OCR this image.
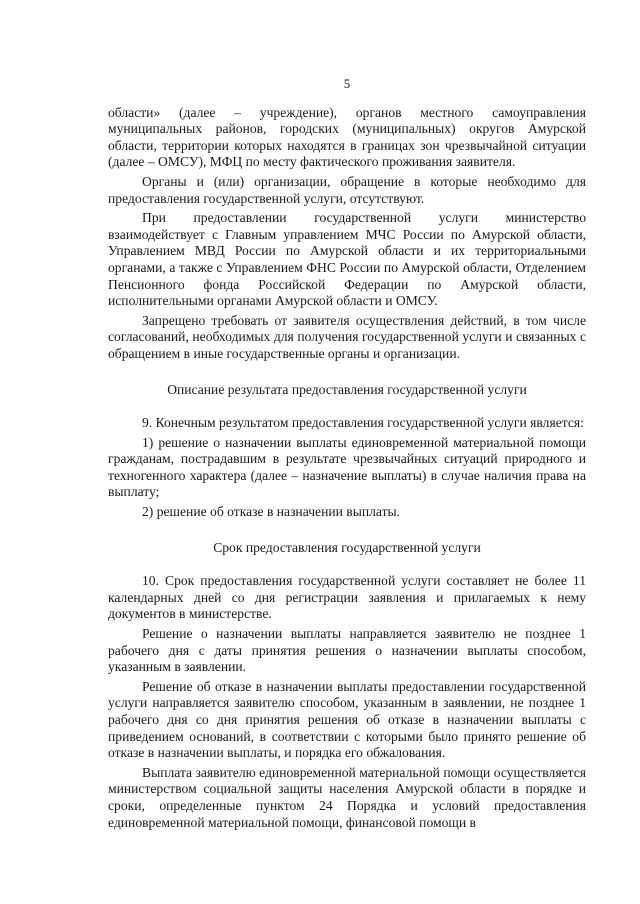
5

области» (далее – учреждение), органов местного самоуправления муниципальных районов, городских (муниципальных) округов Амурской области, территории которых находятся в границах зон чрезвычайной ситуации (далее – ОМСУ), МФЦ по месту фактического проживания заявителя.

Органы и (или) организации, обращение в которые необходимо для предоставления государственной услуги, отсутствуют.

При предоставлении государственной услуги министерство взаимодействует с Главным управлением МЧС России по Амурской области, Управлением МВД России по Амурской области и их территориальными органами, а также с Управлением ФНС России по Амурской области, Отделением Пенсионного фонда Российской Федерации по Амурской области, исполнительными органами Амурской области и ОМСУ.

Запрещено требовать от заявителя осуществления действий, в том числе согласований, необходимых для получения государственной услуги и связанных с обращением в иные государственные органы и организации.

Описание результата предоставления государственной услуги

9. Конечным результатом предоставления государственной услуги является:

1) решение о назначении выплаты единовременной материальной помощи гражданам, пострадавшим в результате чрезвычайных ситуаций природного и техногенного характера (далее – назначение выплаты) в случае наличия права на выплату;

2) решение об отказе в назначении выплаты.

Срок предоставления государственной услуги

10. Срок предоставления государственной услуги составляет не более 11 календарных дней со дня регистрации заявления и прилагаемых к нему документов в министерстве.

Решение о назначении выплаты направляется заявителю не позднее 1 рабочего дня с даты принятия решения о назначении выплаты способом, указанным в заявлении.

Решение об отказе в назначении выплаты предоставлении государственной услуги направляется заявителю способом, указанным в заявлении, не позднее 1 рабочего дня со дня принятия решения об отказе в назначении выплаты с приведением оснований, в соответствии с которыми было принято решение об отказе в назначении выплаты, и порядка его обжалования.

Выплата заявителю единовременной материальной помощи осуществляется министерством социальной защиты населения Амурской области в порядке и сроки, определенные пунктом 24 Порядка и условий предоставления единовременной материальной помощи, финансовой помощи в
